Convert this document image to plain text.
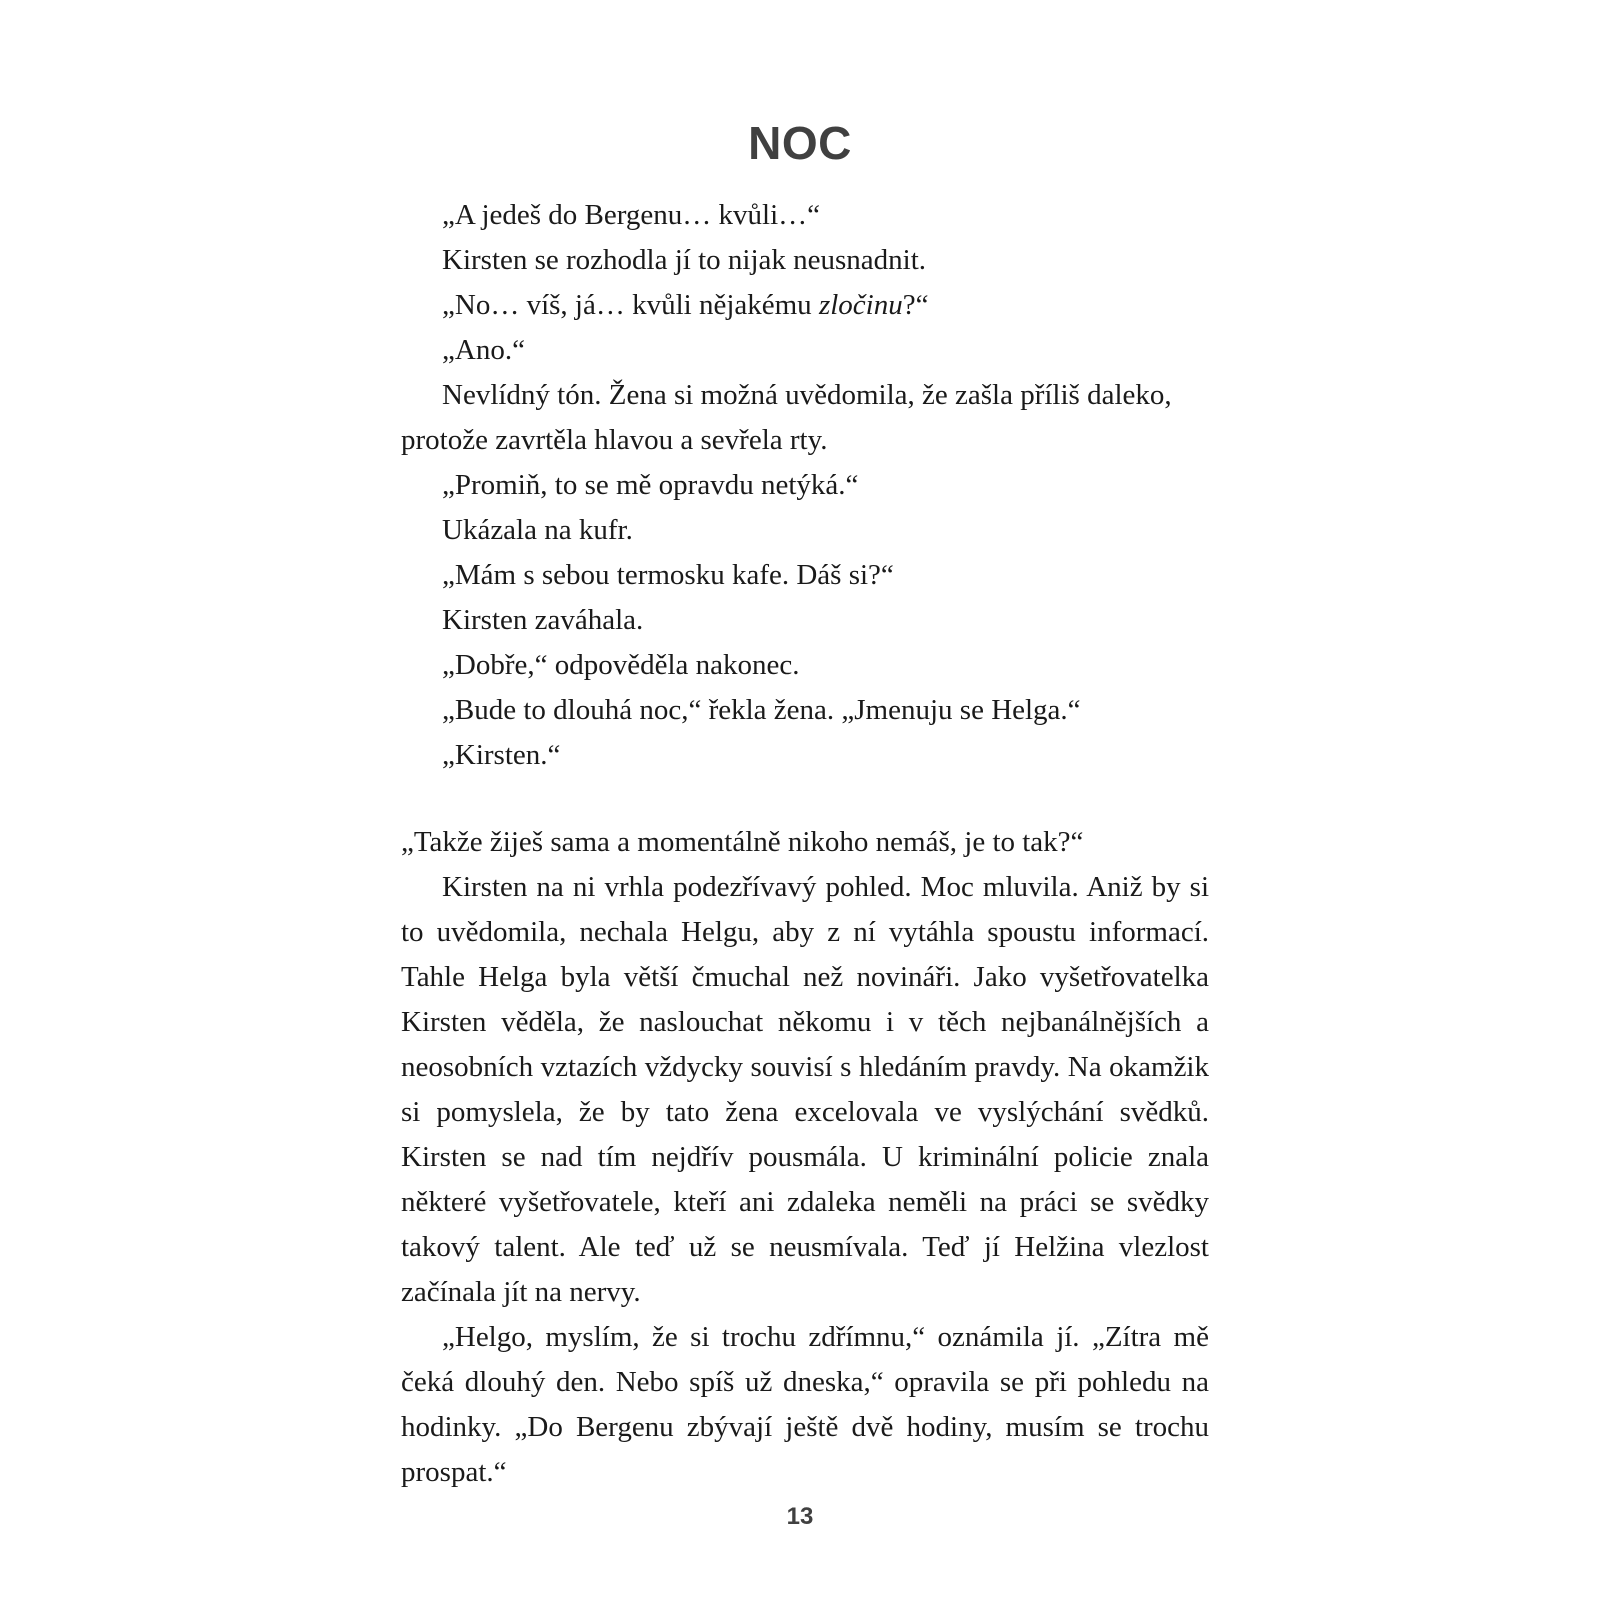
NOC

„A jedeš do Bergenu… kvůli…“

Kirsten se rozhodla jí to nijak neusnadnit.

„No… víš, já… kvůli nějakému zločinu?“

„Ano.“

Nevlídný tón. Žena si možná uvědomila, že zašla příliš daleko, protože zavrtěla hlavou a sevřela rty.

„Promiň, to se mě opravdu netýká.“

Ukázala na kufr.

„Mám s sebou termosku kafe. Dáš si?“

Kirsten zaváhala.

„Dobře,“ odpověděla nakonec.

„Bude to dlouhá noc,“ řekla žena. „Jmenuju se Helga.“

„Kirsten.“

„Takže žiješ sama a momentálně nikoho nemáš, je to tak?“

Kirsten na ni vrhla podezřívavý pohled. Moc mluvila. Aniž by si to uvědomila, nechala Helgu, aby z ní vytáhla spoustu informací. Tahle Helga byla větší čmuchal než novináři. Jako vyšetřovatelka Kirsten věděla, že naslouchat někomu i v těch nejbanálnějších a neosobních vztazích vždycky souvisí s hledáním pravdy. Na okamžik si pomyslela, že by tato žena excelovala ve vyslýchání svědků. Kirsten se nad tím nejdřív pousmála. U kriminální policie znala některé vyšetřovatele, kteří ani zdaleka neměli na práci se svědky takový talent. Ale teď už se neusmívala. Teď jí Helžina vlezlost začínala jít na nervy.

„Helgo, myslím, že si trochu zdřímnu,“ oznámila jí. „Zítra mě čeká dlouhý den. Nebo spíš už dneska,“ opravila se při pohledu na hodinky. „Do Bergenu zbývají ještě dvě hodiny, musím se trochu prospat.“

13
